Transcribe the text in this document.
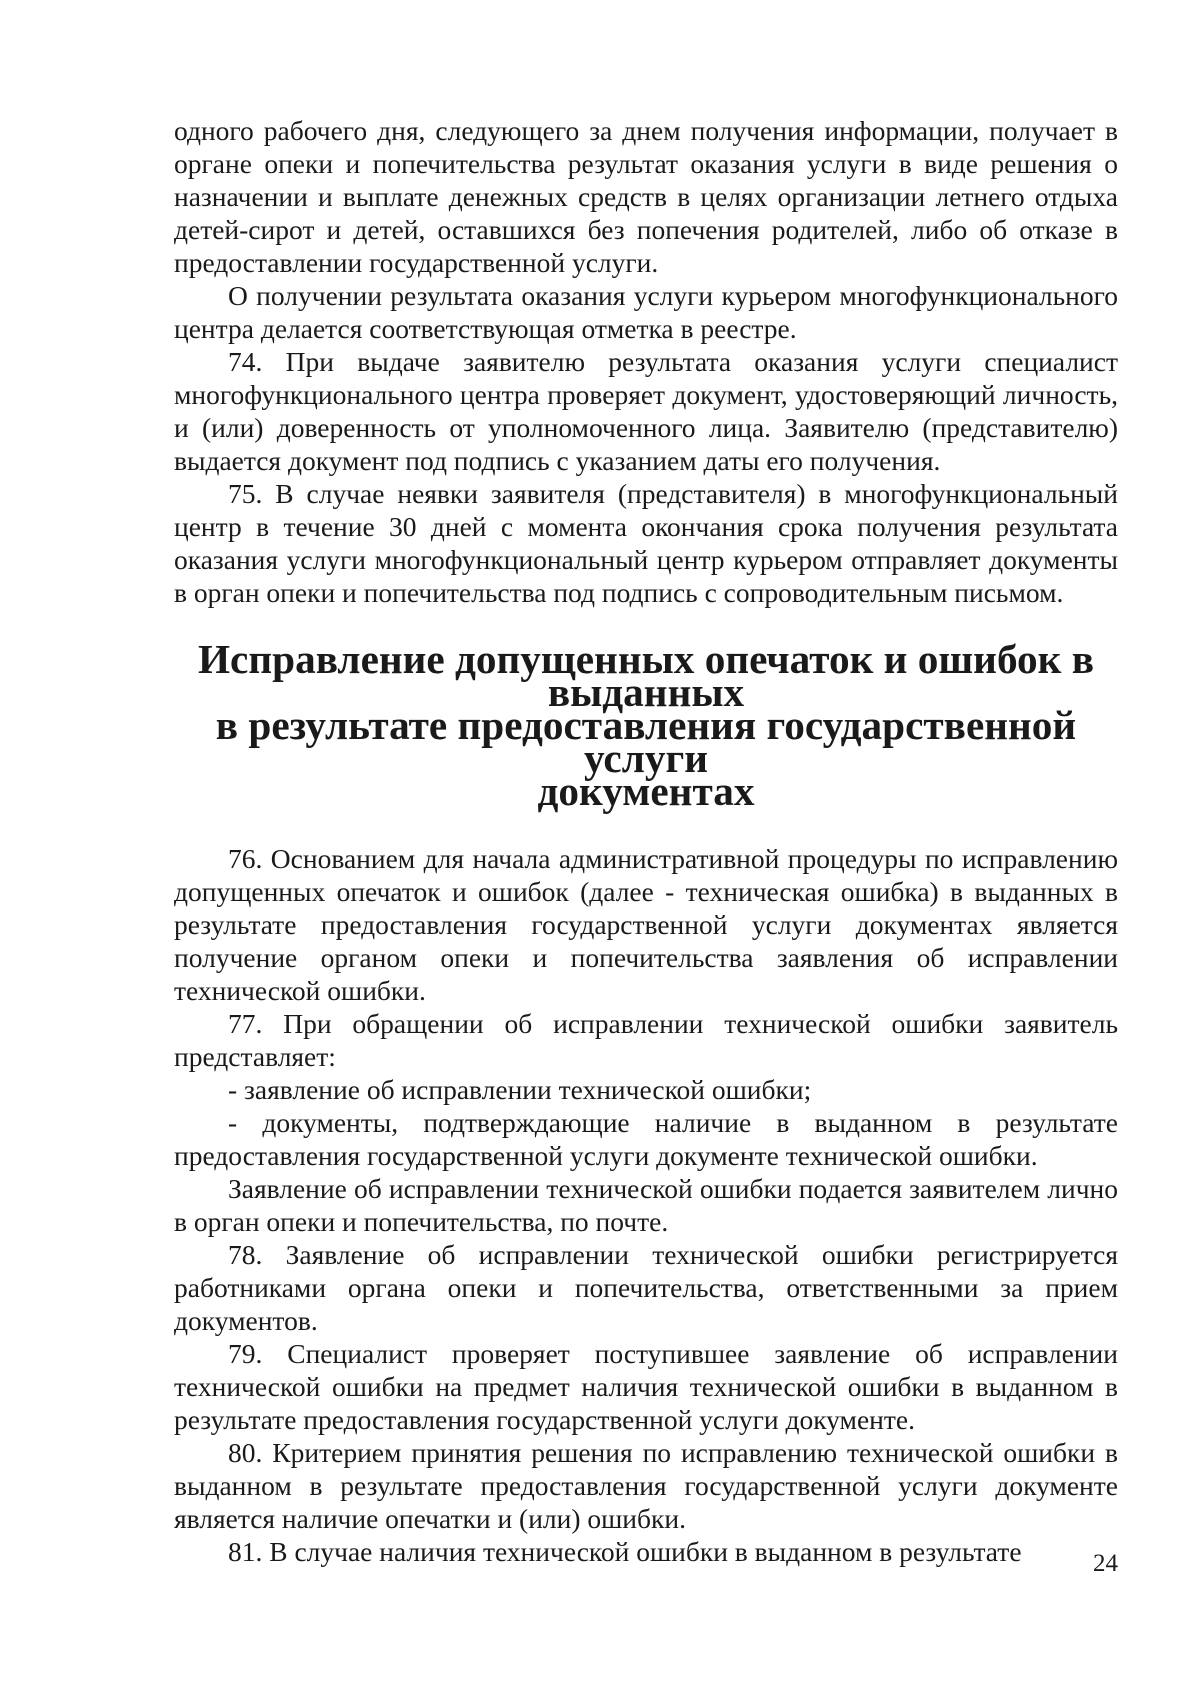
одного рабочего дня, следующего за днем получения информации, получает в органе опеки и попечительства результат оказания услуги в виде решения о назначении и выплате денежных средств в целях организации летнего отдыха детей-сирот и детей, оставшихся без попечения родителей, либо об отказе в предоставлении государственной услуги.

О получении результата оказания услуги курьером многофункционального центра делается соответствующая отметка в реестре.

74. При выдаче заявителю результата оказания услуги специалист многофункционального центра проверяет документ, удостоверяющий личность, и (или) доверенность от уполномоченного лица. Заявителю (представителю) выдается документ под подпись с указанием даты его получения.

75. В случае неявки заявителя (представителя) в многофункциональный центр в течение 30 дней с момента окончания срока получения результата оказания услуги многофункциональный центр курьером отправляет документы в орган опеки и попечительства под подпись с сопроводительным письмом.

Исправление допущенных опечаток и ошибок в выданных
в результате предоставления государственной услуги
документах

76. Основанием для начала административной процедуры по исправлению допущенных опечаток и ошибок (далее - техническая ошибка) в выданных в результате предоставления государственной услуги документах является получение органом опеки и попечительства заявления об исправлении технической ошибки.

77. При обращении об исправлении технической ошибки заявитель представляет:

- заявление об исправлении технической ошибки;

- документы, подтверждающие наличие в выданном в результате предоставления государственной услуги документе технической ошибки.

Заявление об исправлении технической ошибки подается заявителем лично в орган опеки и попечительства, по почте.

78. Заявление об исправлении технической ошибки регистрируется работниками органа опеки и попечительства, ответственными за прием документов.

79. Специалист проверяет поступившее заявление об исправлении технической ошибки на предмет наличия технической ошибки в выданном в результате предоставления государственной услуги документе.

80. Критерием принятия решения по исправлению технической ошибки в выданном в результате предоставления государственной услуги документе является наличие опечатки и (или) ошибки.

81. В случае наличия технической ошибки в выданном в результате	24
